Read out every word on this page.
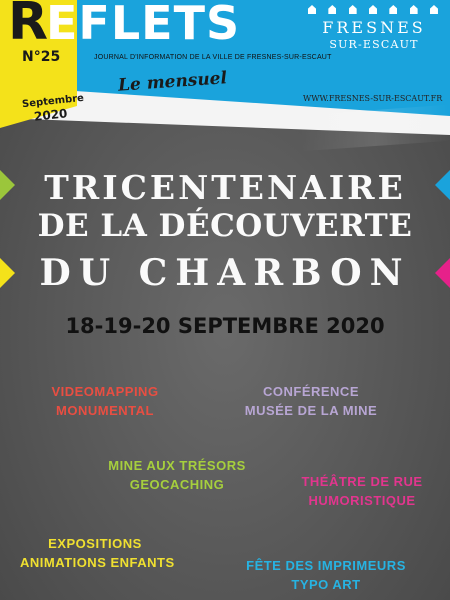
R
EFLETS
N°25	JOURNAL D'INFORMATION DE LA VILLE DE FRESNES-SUR-ESCAUT
Le mensuel
Septembre
2020
FRESNES
SUR-ESCAUT
WWW.FRESNES-SUR-ESCAUT.FR
TRICENTENAIRE
DE LA DÉCOUVERTE
DU CHARBON
18-19-20 SEPTEMBRE 2020
VIDEOMAPPING
MONUMENTAL
CONFÉRENCE
MUSÉE DE LA MINE
MINE AUX TRÉSORS
GEOCACHING	THÉÂTRE DE RUE
HUMORISTIQUE
EXPOSITIONS
ANIMATIONS ENFANTS	FÊTE DES IMPRIMEURS
TYPO ART
